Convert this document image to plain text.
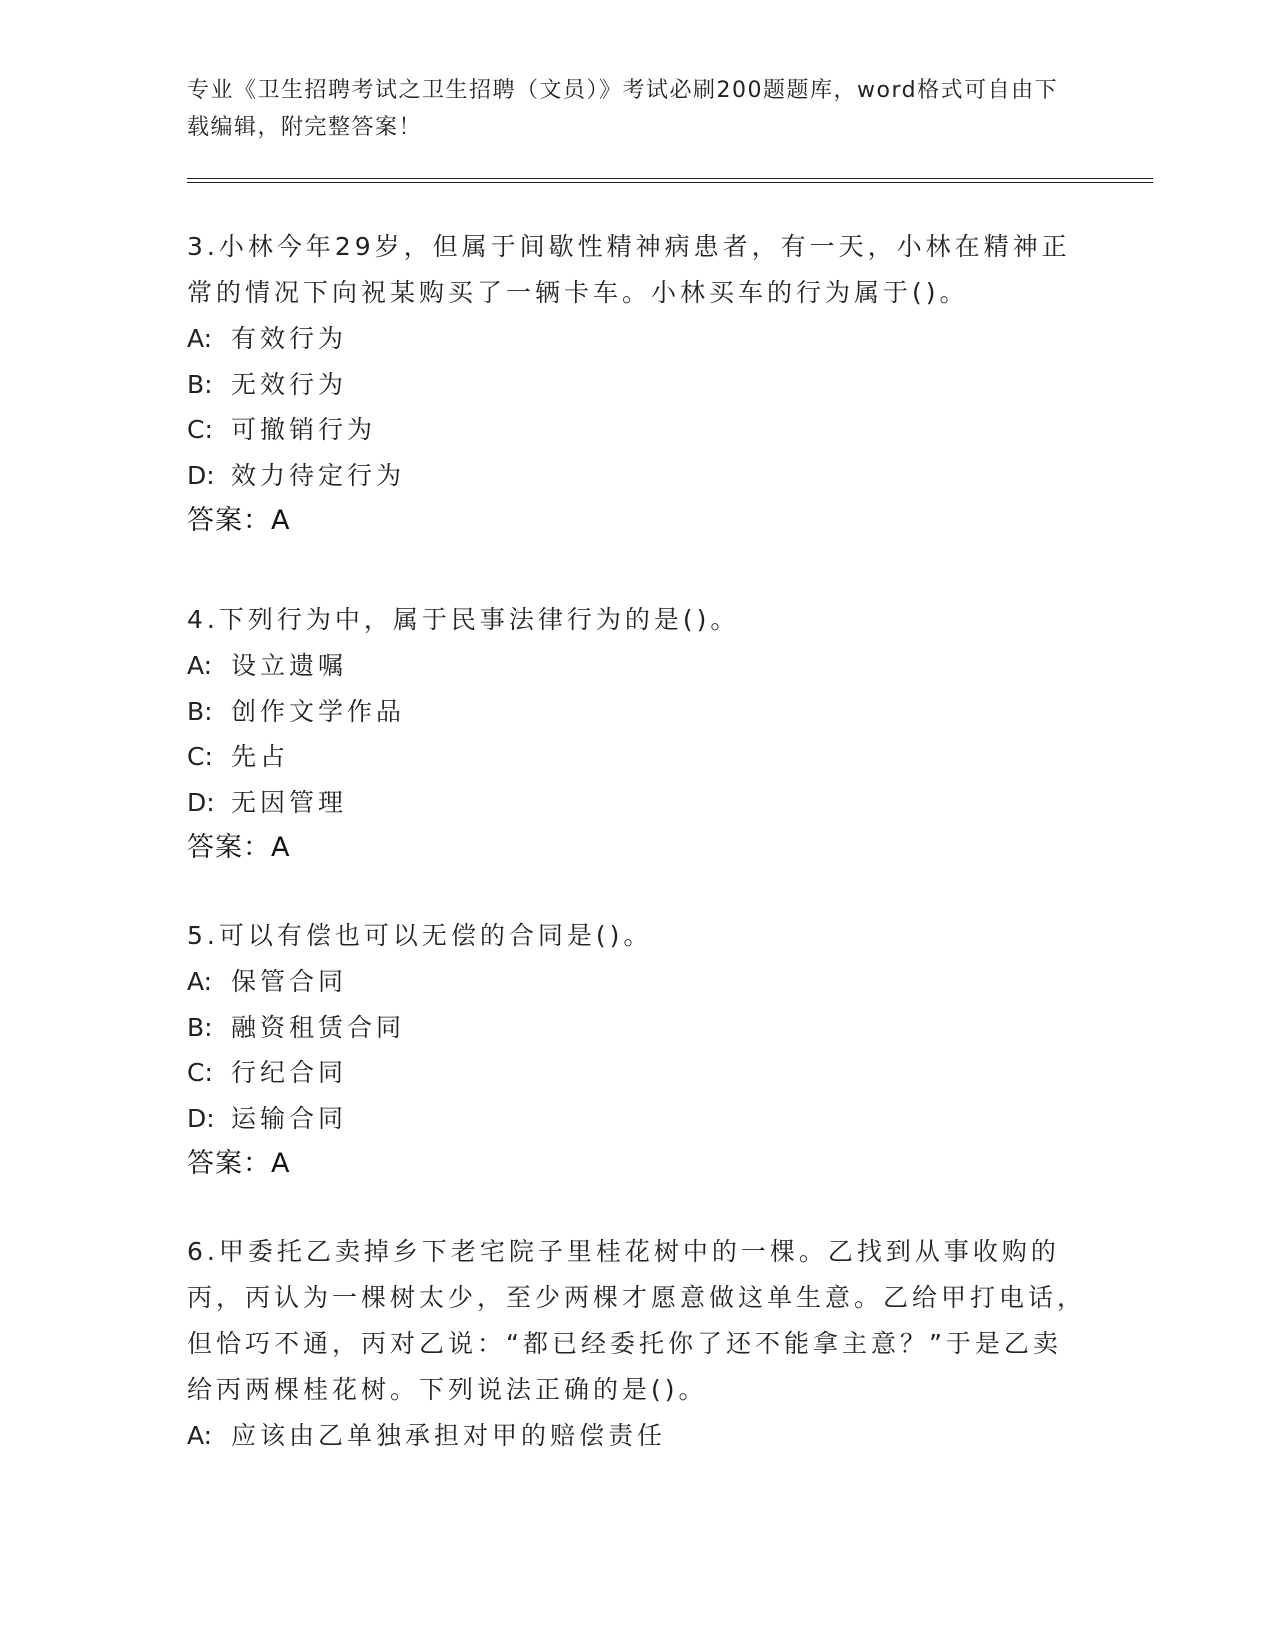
专业《卫生招聘考试之卫生招聘（文员）》考试必刷200题题库，word格式可自由下载编辑，附完整答案！

3.小林今年29岁，但属于间歇性精神病患者，有一天，小林在精神正常的情况下向祝某购买了一辆卡车。小林买车的行为属于()。

A: 有效行为

B: 无效行为

C: 可撤销行为

D: 效力待定行为

答案：A

4.下列行为中，属于民事法律行为的是()。

A: 设立遗嘱

B: 创作文学作品

C: 先占

D: 无因管理

答案：A

5.可以有偿也可以无偿的合同是()。

A: 保管合同

B: 融资租赁合同

C: 行纪合同

D: 运输合同

答案：A

6.甲委托乙卖掉乡下老宅院子里桂花树中的一棵。乙找到从事收购的丙，丙认为一棵树太少，至少两棵才愿意做这单生意。乙给甲打电话，但恰巧不通，丙对乙说：“都已经委托你了还不能拿主意？”于是乙卖给丙两棵桂花树。下列说法正确的是()。

A: 应该由乙单独承担对甲的赔偿责任
